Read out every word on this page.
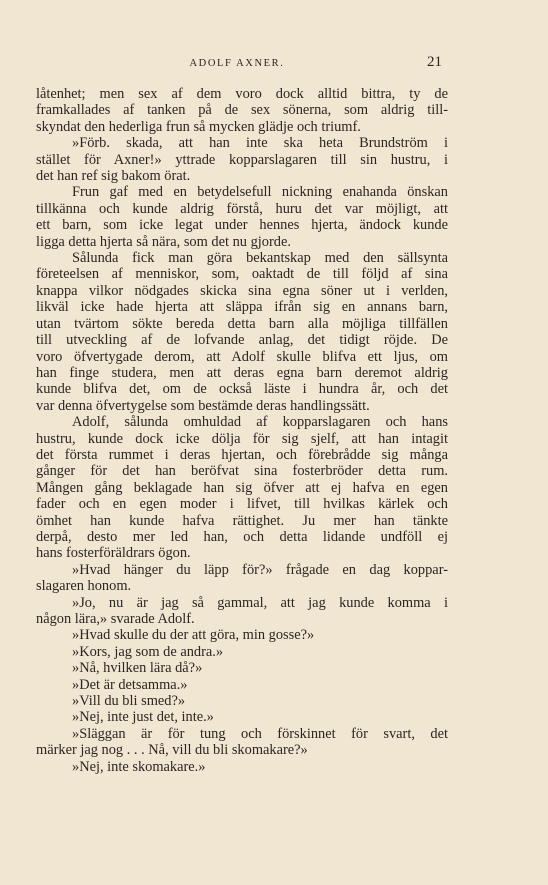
ADOLF AXNER.	21

låtenhet; men sex af dem voro dock alltid bittra, ty de

framkallades af tanken på de sex sönerna, som aldrig till-

skyndat den hederliga frun så mycken glädje och triumf.

»Förb. skada, att han inte ska heta Brundström i

stället för Axner!» yttrade kopparslagaren till sin hustru, i

det han ref sig bakom örat.

Frun gaf med en betydelsefull nickning enahanda önskan

tillkänna och kunde aldrig förstå, huru det var möjligt, att

ett barn, som icke legat under hennes hjerta, ändock kunde

ligga detta hjerta så nära, som det nu gjorde.

Sålunda fick man göra bekantskap med den sällsynta

företeelsen af menniskor, som, oaktadt de till följd af sina

knappa vilkor nödgades skicka sina egna söner ut i verlden,

likväl icke hade hjerta att släppa ifrån sig en annans barn,

utan tvärtom sökte bereda detta barn alla möjliga tillfällen

till utveckling af de lofvande anlag, det tidigt röjde. De

voro öfvertygade derom, att Adolf skulle blifva ett ljus, om

han finge studera, men att deras egna barn deremot aldrig

kunde blifva det, om de också läste i hundra år, och det

var denna öfvertygelse som bestämde deras handlingssätt.

Adolf, sålunda omhuldad af kopparslagaren och hans

hustru, kunde dock icke dölja för sig sjelf, att han intagit

det första rummet i deras hjertan, och förebrådde sig många

gånger för det han beröfvat sina fosterbröder detta rum.

Mången gång beklagade han sig öfver att ej hafva en egen

fader och en egen moder i lifvet, till hvilkas kärlek och

ömhet han kunde hafva rättighet. Ju mer han tänkte

derpå, desto mer led han, och detta lidande undföll ej

hans fosterföräldrars ögon.

»Hvad hänger du läpp för?» frågade en dag koppar-

slagaren honom.

»Jo, nu är jag så gammal, att jag kunde komma i

någon lära,» svarade Adolf.

»Hvad skulle du der att göra, min gosse?»

»Kors, jag som de andra.»

»Nå, hvilken lära då?»

»Det är detsamma.»

»Vill du bli smed?»

»Nej, inte just det, inte.»

»Släggan är för tung och förskinnet för svart, det

märker jag nog . . . Nå, vill du bli skomakare?»

»Nej, inte skomakare.»
